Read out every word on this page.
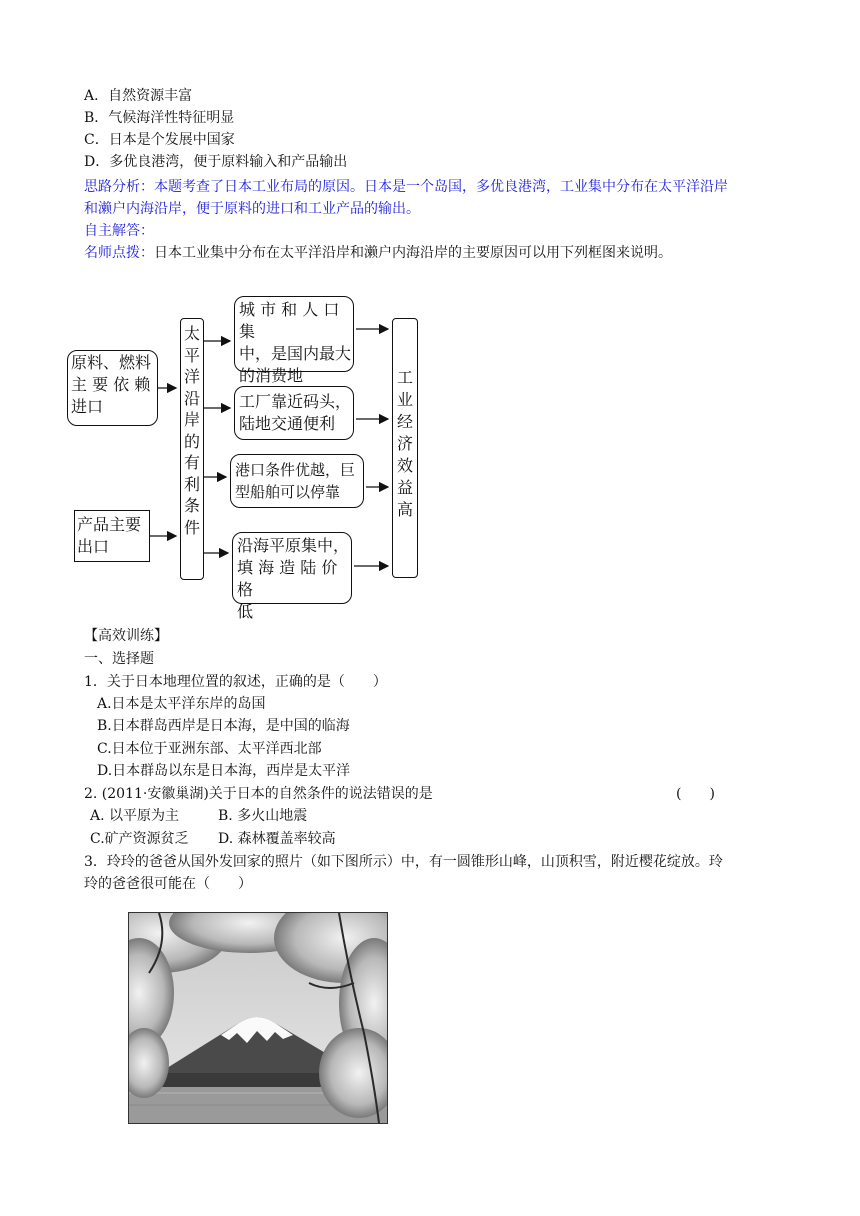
A．自然资源丰富
B．气候海洋性特征明显
C．日本是个发展中国家
D．多优良港湾，便于原料输入和产品输出
思路分析：本题考查了日本工业布局的原因。日本是一个岛国，多优良港湾，工业集中分布在太平洋沿岸
和濑户内海沿岸，便于原料的进口和工业产品的输出。
自主解答：
名师点拨：日本工业集中分布在太平洋沿岸和濑户内海沿岸的主要原因可以用下列框图来说明。
原料、燃料
主 要 依 赖
进口
产品主要
出口
太
平
洋
沿
岸
的
有
利
条
件
城 市 和 人 口 集
中，是国内最大
的消费地
工厂靠近码头，
陆地交通便利
港口条件优越，巨
型船舶可以停靠
沿海平原集中，
填 海 造 陆 价 格
低
工
业
经
济
效
益
高
【高效训练】
一、选择题
1．关于日本地理位置的叙述，正确的是（　　）
A.日本是太平洋东岸的岛国
B.日本群岛西岸是日本海，是中国的临海
C.日本位于亚洲东部、太平洋西北部
D.日本群岛以东是日本海，西岸是太平洋
2. (2011·安徽巢湖)关于日本的自然条件的说法错误的是	(　　)
A. 以平原为主	B. 多火山地震
C.矿产资源贫乏 D. 森林覆盖率较高
3．玲玲的爸爸从国外发回家的照片（如下图所示）中，有一圆锥形山峰，山顶积雪，附近樱花绽放。玲
玲的爸爸很可能在（　　）
